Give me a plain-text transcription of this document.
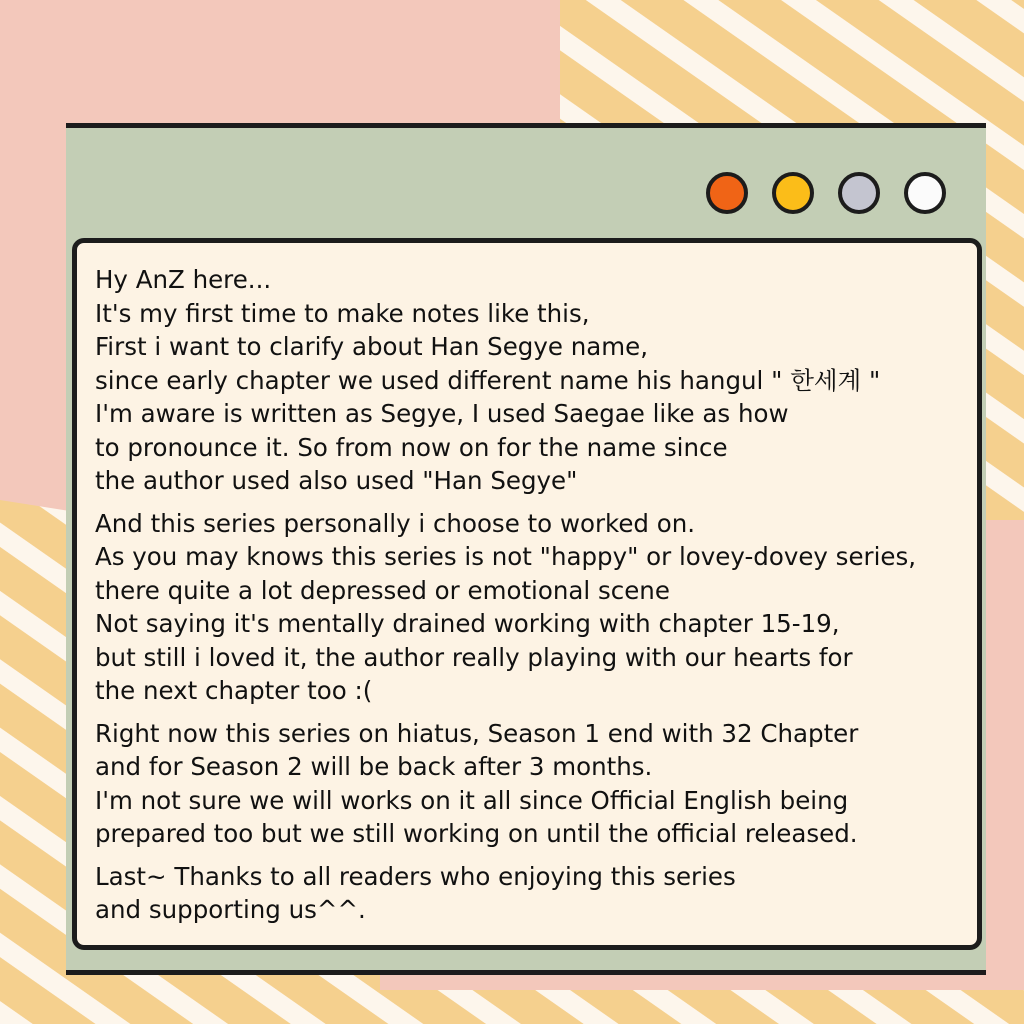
Hy AnZ here...
It's my first time to make notes like this,
First i want to clarify about Han Segye name,
since early chapter we used different name his hangul " 한세계 "
I'm aware is written as Segye, I used Saegae like as how
to pronounce it. So from now on for the name since
the author used also used "Han Segye"
And this series personally i choose to worked on.
As you may knows this series is not "happy" or lovey-dovey series,
there quite a lot depressed or emotional scene
Not saying it's mentally drained working with chapter 15-19,
but still i loved it, the author really playing with our hearts for
the next chapter too :(
Right now this series on hiatus, Season 1 end with 32 Chapter
and for Season 2 will be back after 3 months.
I'm not sure we will works on it all since Official English being
prepared too but we still working on until the official released.
Last~ Thanks to all readers who enjoying this series
and supporting us^^.
